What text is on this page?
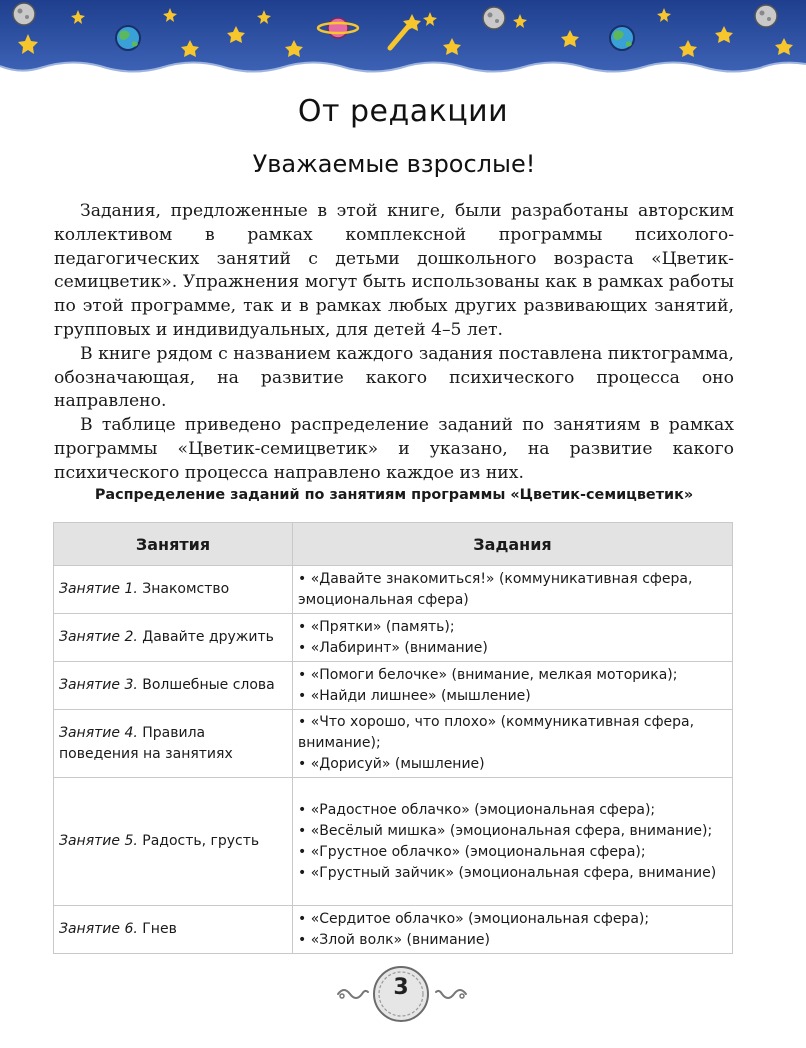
От редакции
Уважаемые взрослые!

Задания, предложенные в этой книге, были разработаны авторским коллективом в рамках комплексной программы психолого-педагогических занятий с детьми дошкольного возраста «Цветик-семицветик». Упражнения могут быть использованы как в рамках работы по этой программе, так и в рамках любых других развивающих занятий, групповых и индивидуальных, для детей 4–5 лет.

В книге рядом с названием каждого задания поставлена пиктограмма, обозначающая, на развитие какого психического процесса оно направлено.

В таблице приведено распределение заданий по занятиям в рамках программы «Цветик-семицветик» и указано, на развитие какого психического процесса направлено каждое из них.

Распределение заданий по занятиям программы «Цветик-семицветик»
Занятия	Задания
Занятие 1. Знакомство	• «Давайте знакомиться!» (коммуникативная сфера, эмоциональная сфера)

Занятие 2. Давайте дружить	• «Прятки» (память);
• «Лабиринт» (внимание)

Занятие 3. Волшебные слова	• «Помоги белочке» (внимание, мелкая моторика);
• «Найди лишнее» (мышление)

Занятие 4. Правила поведения на занятиях	• «Что хорошо, что плохо» (коммуникативная сфера, внимание);
• «Дорисуй» (мышление)

Занятие 5. Радость, грусть	• «Радостное облачко» (эмоциональная сфера);
• «Весёлый мишка» (эмоциональная сфера, внимание);
• «Грустное облачко» (эмоциональная сфера);
• «Грустный зайчик» (эмоциональная сфера, внимание)

Занятие 6. Гнев	• «Сердитое облачко» (эмоциональная сфера);
• «Злой волк» (внимание)
3
